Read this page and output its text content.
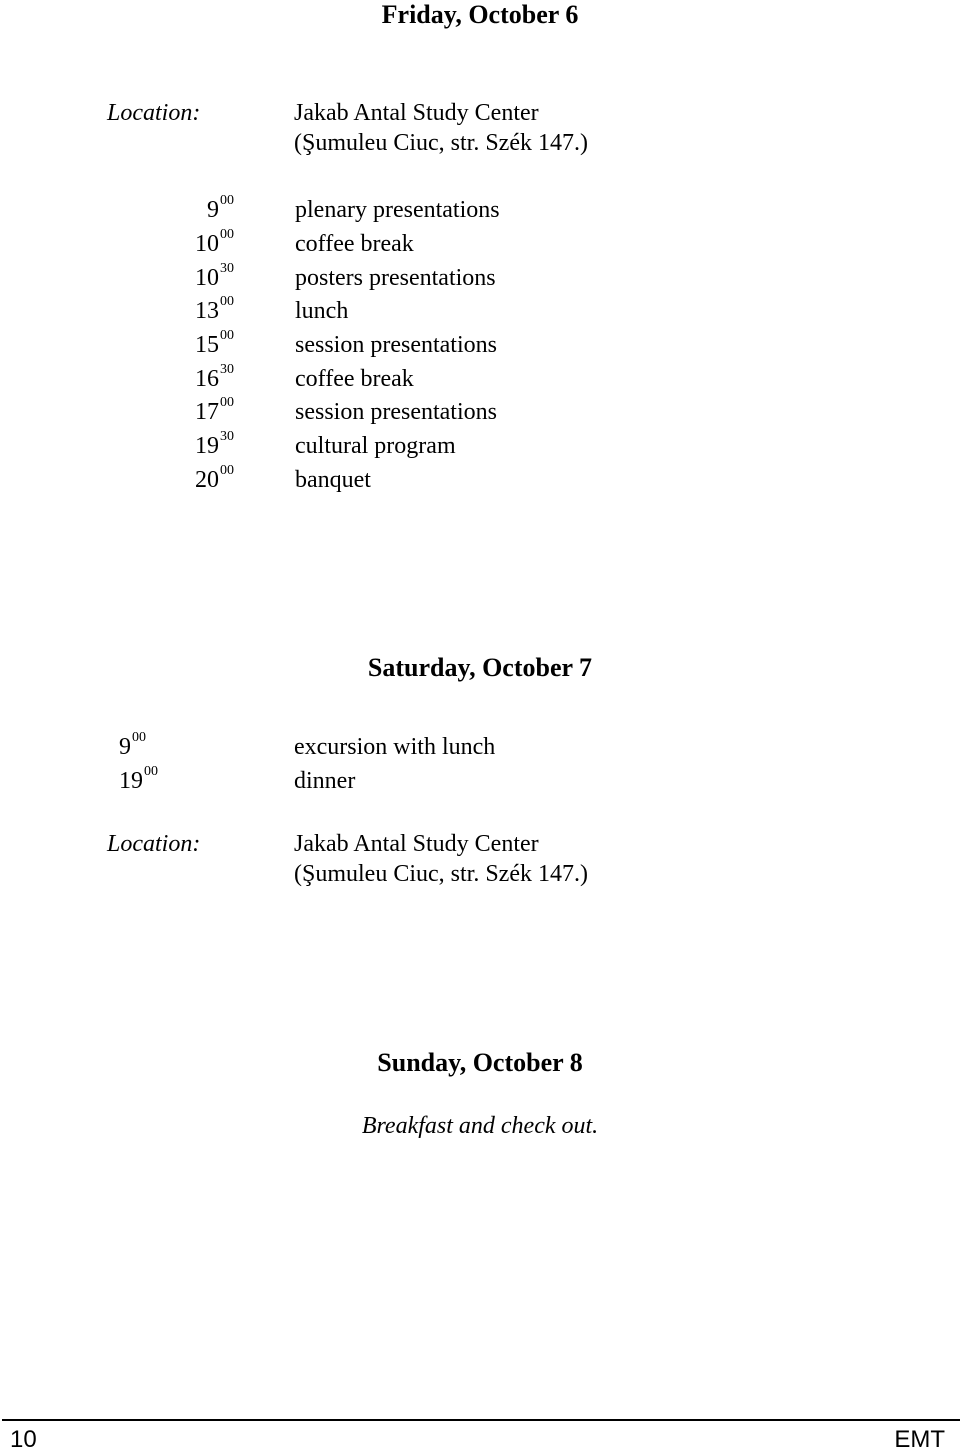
Friday, October 6
Location:	Jakab Antal Study Center
(Şumuleu Ciuc, str. Szék 147.)
$9^{00}$	plenary presentations
$10^{00}$	coffee break
$10^{30}$	posters presentations
$13^{00}$	lunch
$15^{00}$	session presentations
$16^{30}$	coffee break
$17^{00}$	session presentations
$19^{30}$	cultural program
$20^{00}$	banquet
Saturday, October 7
$9^{00}$	excursion with lunch
$19^{00}$	dinner
Location:	Jakab Antal Study Center
(Şumuleu Ciuc, str. Szék 147.)
Sunday, October 8
Breakfast and check out.
10	EMT
